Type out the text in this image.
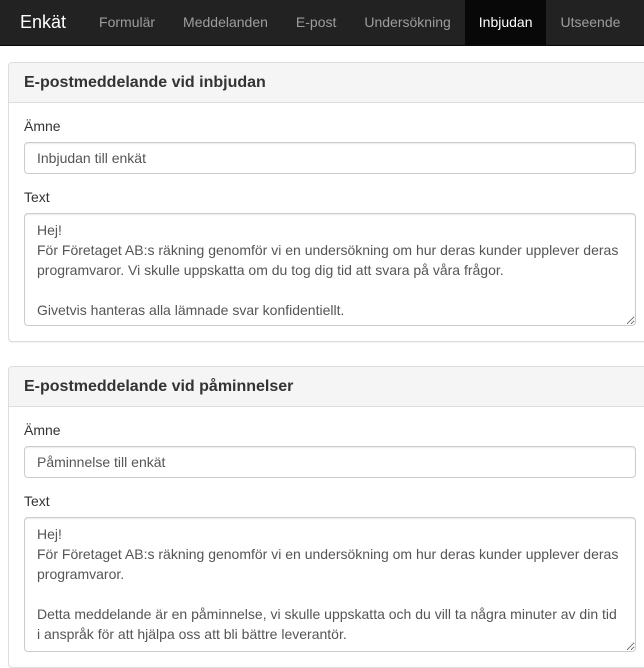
Enkät	Formulär	Meddelanden	E-post	Undersökning	Inbjudan	Utseende
E-postmeddelande vid inbjudan
Ämne
Inbjudan till enkät
Text
Hej! För Företaget AB:s räkning genomför vi en undersökning om hur deras kunder upplever deras programvaror. Vi skulle uppskatta om du tog dig tid att svara på våra frågor. Givetvis hanteras alla lämnade svar konfidentiellt.
E-postmeddelande vid påminnelser
Ämne
Påminnelse till enkät
Text
Hej! För Företaget AB:s räkning genomför vi en undersökning om hur deras kunder upplever deras programvaror. Detta meddelande är en påminnelse, vi skulle uppskatta och du vill ta några minuter av din tid i anspråk för att hjälpa oss att bli bättre leverantör.
